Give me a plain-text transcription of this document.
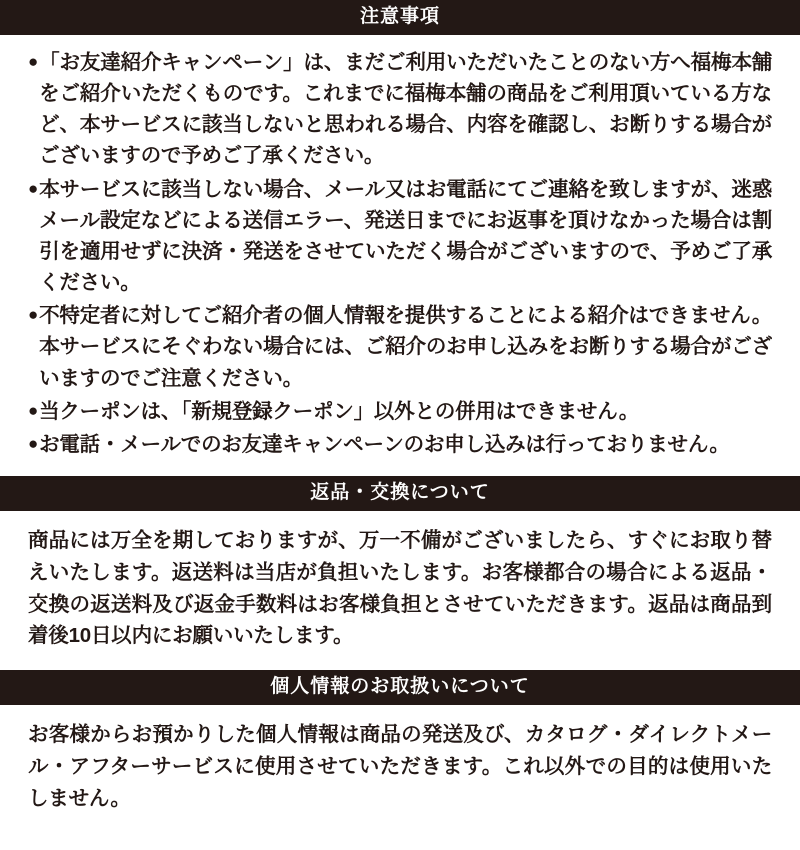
注意事項
● 「お友達紹介キャンペーン」は、まだご利用いただいたことのない方へ福梅本舗をご紹介いただくものです。これまでに福梅本舗の商品をご利用頂いている方など、本サービスに該当しないと思われる場合、内容を確認し、お断りする場合がございますので予めご了承ください。
● 本サービスに該当しない場合、メール又はお電話にてご連絡を致しますが、迷惑メール設定などによる送信エラー、発送日までにお返事を頂けなかった場合は割引を適用せずに決済・発送をさせていただく場合がございますので、予めご了承ください。
● 不特定者に対してご紹介者の個人情報を提供することによる紹介はできません。本サービスにそぐわない場合には、ご紹介のお申し込みをお断りする場合がございますのでご注意ください。
● 当クーポンは、「新規登録クーポン」以外との併用はできません。
● お電話・メールでのお友達キャンペーンのお申し込みは行っておりません。
返品・交換について

商品には万全を期しておりますが、万一不備がございましたら、すぐにお取り替えいたします。返送料は当店が負担いたします。お客様都合の場合による返品・交換の返送料及び返金手数料はお客様負担とさせていただきます。返品は商品到着後10日以内にお願いいたします。

個人情報のお取扱いについて

お客様からお預かりした個人情報は商品の発送及び、カタログ・ダイレクトメール・アフターサービスに使用させていただきます。これ以外での目的は使用いたしません。
